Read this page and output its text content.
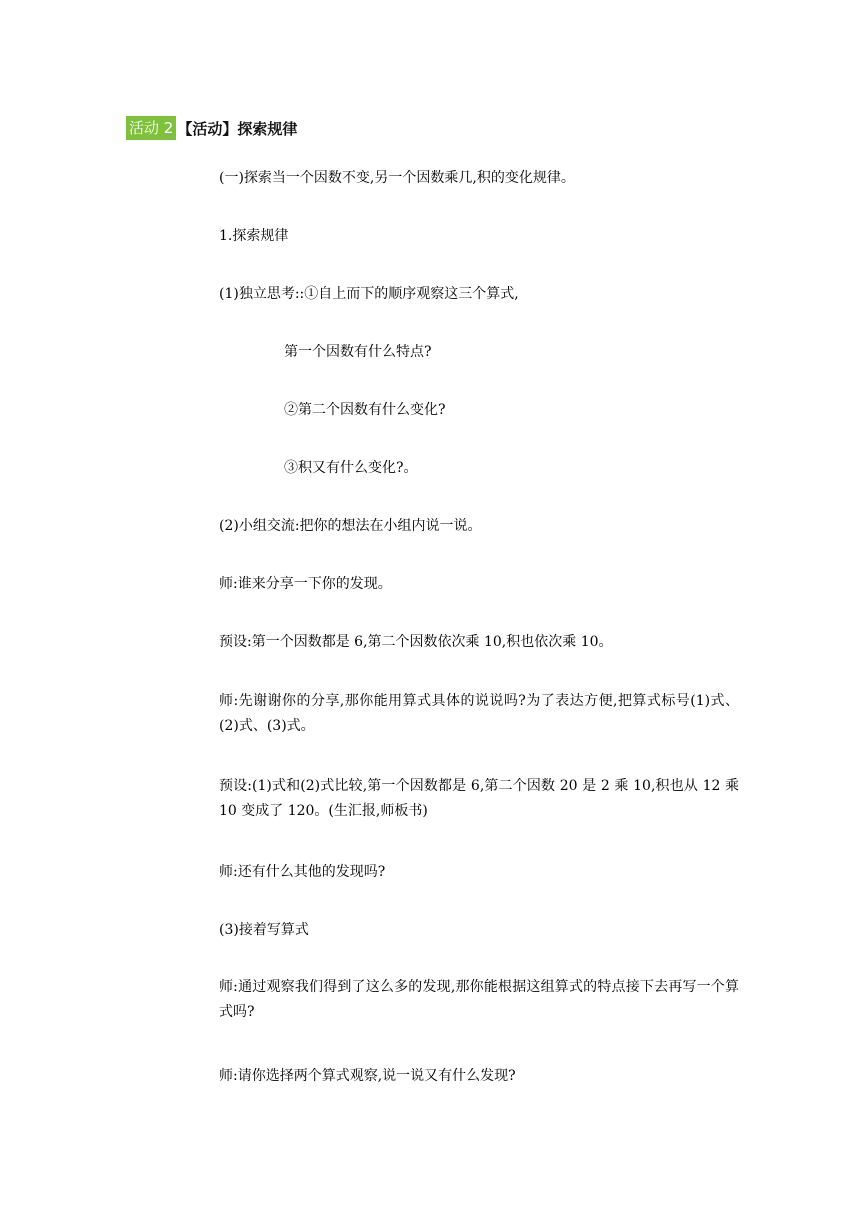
活动 2 【活动】探索规律
(一)探索当一个因数不变,另一个因数乘几,积的变化规律。
1.探索规律
(1)独立思考::①自上而下的顺序观察这三个算式,
第一个因数有什么特点?
②第二个因数有什么变化?
③积又有什么变化?。
(2)小组交流:把你的想法在小组内说一说。
师:谁来分享一下你的发现。
预设:第一个因数都是 6,第二个因数依次乘 10,积也依次乘 10。
师:先谢谢你的分享,那你能用算式具体的说说吗?为了表达方便,把算式标号(1)式、(2)式、(3)式。
预设:(1)式和(2)式比较,第一个因数都是 6,第二个因数 20 是 2 乘 10,积也从 12 乘 10 变成了 120。(生汇报,师板书)
师:还有什么其他的发现吗?
(3)接着写算式
师:通过观察我们得到了这么多的发现,那你能根据这组算式的特点接下去再写一个算式吗?
师:请你选择两个算式观察,说一说又有什么发现?
